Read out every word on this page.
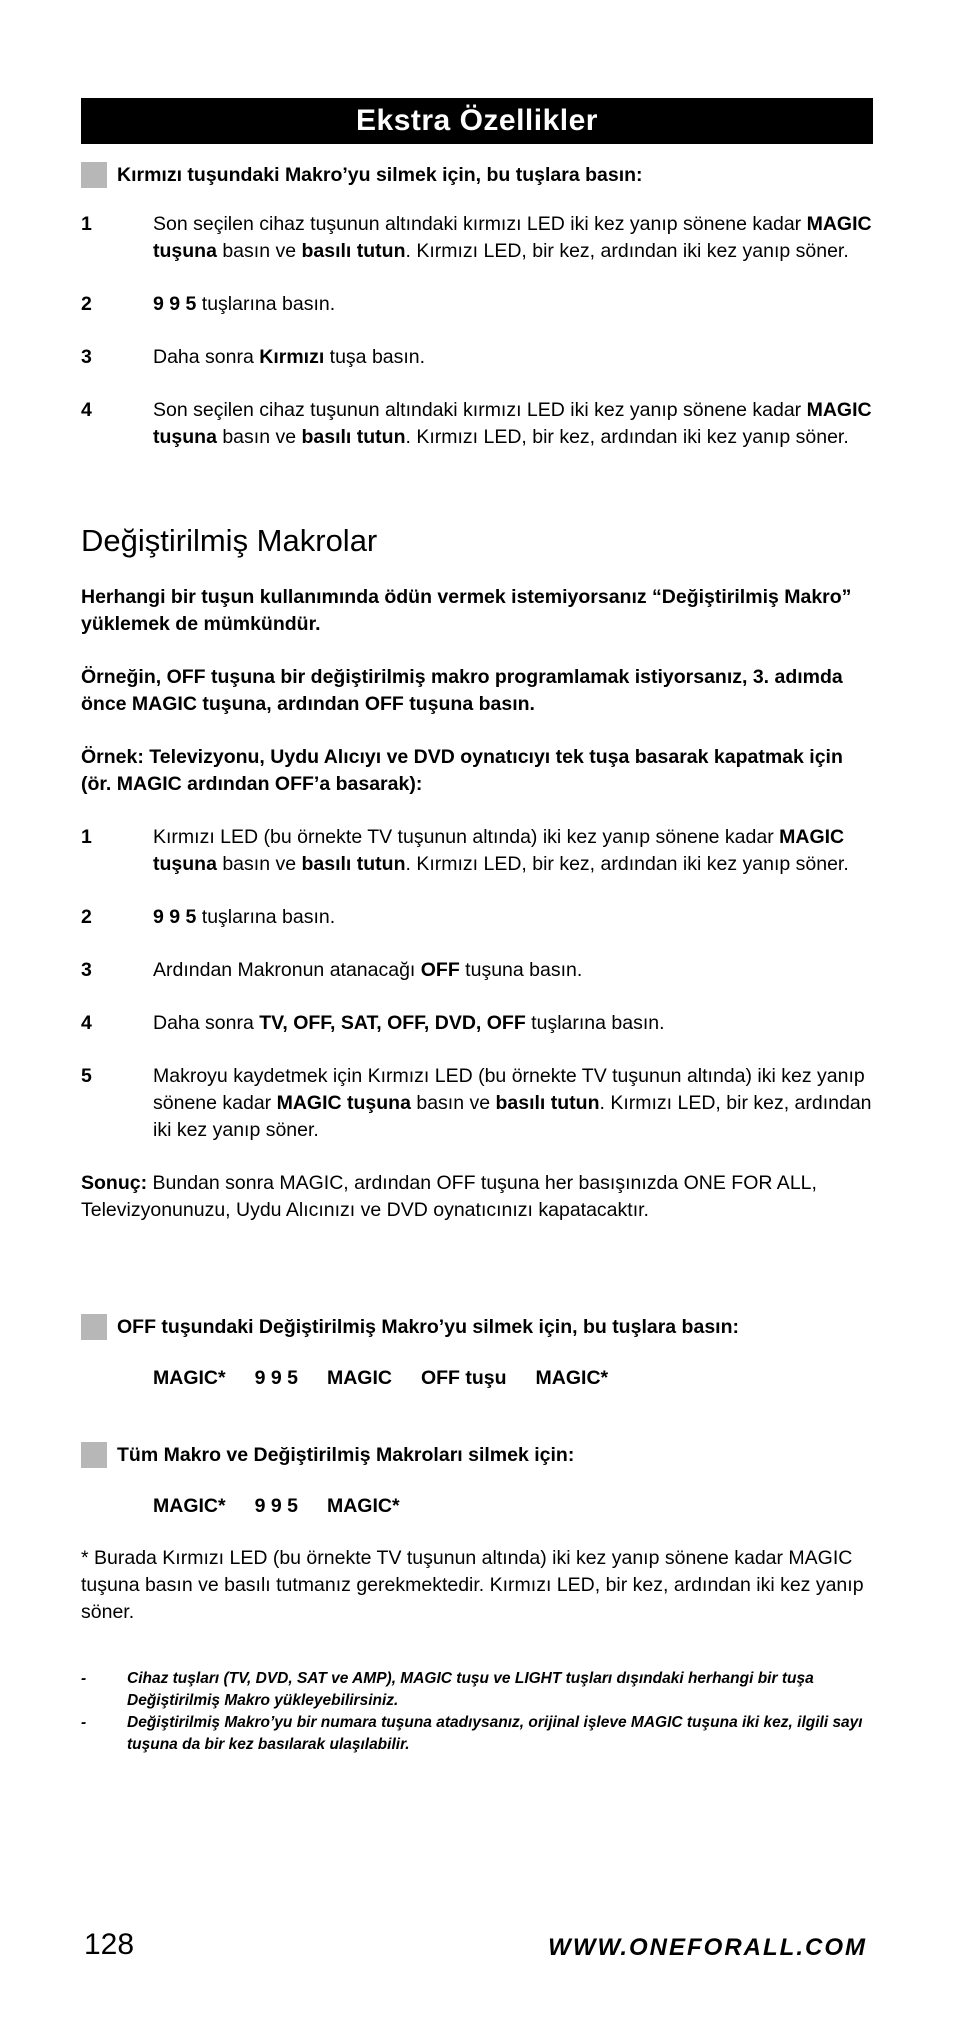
Ekstra Özellikler
Kırmızı tuşundaki Makro’yu silmek için, bu tuşlara basın:
1	Son seçilen cihaz tuşunun altındaki kırmızı LED iki kez yanıp sönene kadar MAGIC tuşuna basın ve basılı tutun. Kırmızı LED, bir kez, ardından iki kez yanıp söner.
2	9 9 5 tuşlarına basın.
3	Daha sonra Kırmızı tuşa basın.
4	Son seçilen cihaz tuşunun altındaki kırmızı LED iki kez yanıp sönene kadar MAGIC tuşuna basın ve basılı tutun. Kırmızı LED, bir kez, ardından iki kez yanıp söner.
Değiştirilmiş Makrolar
Herhangi bir tuşun kullanımında ödün vermek istemiyorsanız “Değiştirilmiş Makro” yüklemek de mümkündür.
Örneğin, OFF tuşuna bir değiştirilmiş makro programlamak istiyorsanız, 3. adımda önce MAGIC tuşuna, ardından OFF tuşuna basın.
Örnek: Televizyonu, Uydu Alıcıyı ve DVD oynatıcıyı tek tuşa basarak kapatmak için (ör. MAGIC ardından OFF’a basarak):
1	Kırmızı LED (bu örnekte TV tuşunun altında) iki kez yanıp sönene kadar MAGIC tuşuna basın ve basılı tutun. Kırmızı LED, bir kez, ardından iki kez yanıp söner.
2	9 9 5 tuşlarına basın.
3	Ardından Makronun atanacağı OFF tuşuna basın.
4	Daha sonra TV, OFF, SAT, OFF, DVD, OFF tuşlarına basın.
5	Makroyu kaydetmek için Kırmızı LED (bu örnekte TV tuşunun altında) iki kez yanıp sönene kadar MAGIC tuşuna basın ve basılı tutun. Kırmızı LED, bir kez, ardından iki kez yanıp söner.
Sonuç: Bundan sonra MAGIC, ardından OFF tuşuna her basışınızda ONE FOR ALL, Televizyonunuzu, Uydu Alıcınızı ve DVD oynatıcınızı kapatacaktır.
OFF tuşundaki Değiştirilmiş Makro’yu silmek için, bu tuşlara basın:
MAGIC* 9 9 5 MAGIC OFF tuşu MAGIC*
Tüm Makro ve Değiştirilmiş Makroları silmek için:
MAGIC* 9 9 5 MAGIC*
* Burada Kırmızı LED (bu örnekte TV tuşunun altında) iki kez yanıp sönene kadar MAGIC tuşuna basın ve basılı tutmanız gerekmektedir. Kırmızı LED, bir kez, ardından iki kez yanıp söner.
-	Cihaz tuşları (TV, DVD, SAT ve AMP), MAGIC tuşu ve LIGHT tuşları dışındaki herhangi bir tuşa Değiştirilmiş Makro yükleyebilirsiniz.
-	Değiştirilmiş Makro’yu bir numara tuşuna atadıysanız, orijinal işleve MAGIC tuşuna iki kez, ilgili sayı tuşuna da bir kez basılarak ulaşılabilir.
128	WWW.ONEFORALL.COM
